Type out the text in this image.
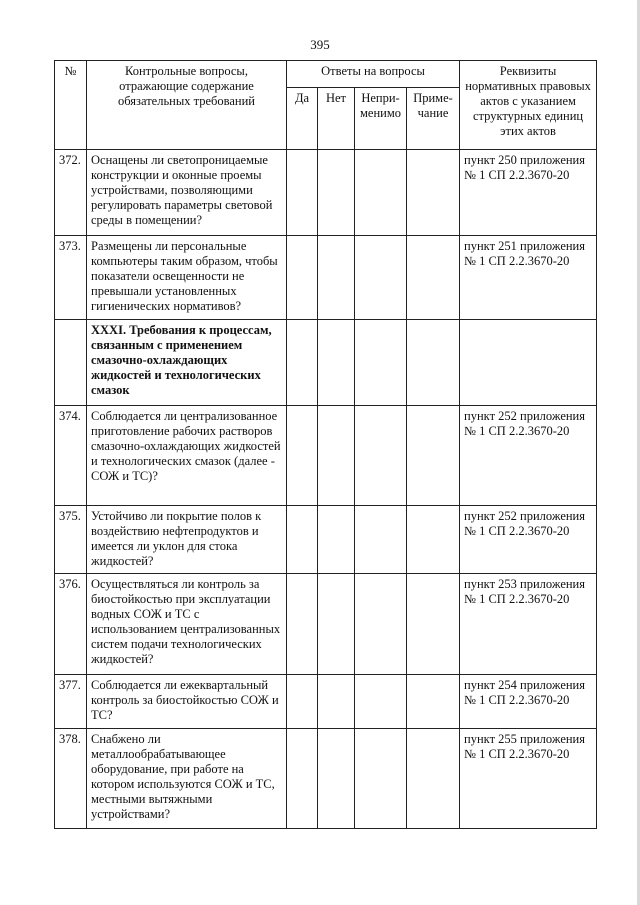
395
№	Контрольные вопросы, отражающие содержание обязательных требований	Ответы на вопросы				Реквизиты нормативных правовых актов с указанием структурных единиц этих актов
		Да	Нет	Непри- менимо	Приме- чание	
372.	Оснащены ли светопроницаемые конструкции и оконные проемы устройствами, позволяющими регулировать параметры световой среды в помещении?					пункт 250 приложения № 1 СП 2.2.3670-20
373.	Размещены ли персональные компьютеры таким образом, чтобы показатели освещенности не превышали установленных гигиенических нормативов?					пункт 251 приложения № 1 СП 2.2.3670-20
	XXXI. Требования к процессам, связанным с применением смазочно-охлаждающих жидкостей и технологических смазок					
374.	Соблюдается ли централизованное приготовление рабочих растворов смазочно-охлаждающих жидкостей и технологических смазок (далее - СОЖ и ТС)?					пункт 252 приложения № 1 СП 2.2.3670-20
375.	Устойчиво ли покрытие полов к воздействию нефтепродуктов и имеется ли уклон для стока жидкостей?					пункт 252 приложения № 1 СП 2.2.3670-20
376.	Осуществляться ли контроль за биостойкостью при эксплуатации водных СОЖ и ТС с использованием централизованных систем подачи технологических жидкостей?					пункт 253 приложения № 1 СП 2.2.3670-20
377.	Соблюдается ли ежеквартальный контроль за биостойкостью СОЖ и ТС?					пункт 254 приложения № 1 СП 2.2.3670-20
378.	Снабжено ли металлообрабатывающее оборудование, при работе на котором используются СОЖ и ТС, местными вытяжными устройствами?					пункт 255 приложения № 1 СП 2.2.3670-20
